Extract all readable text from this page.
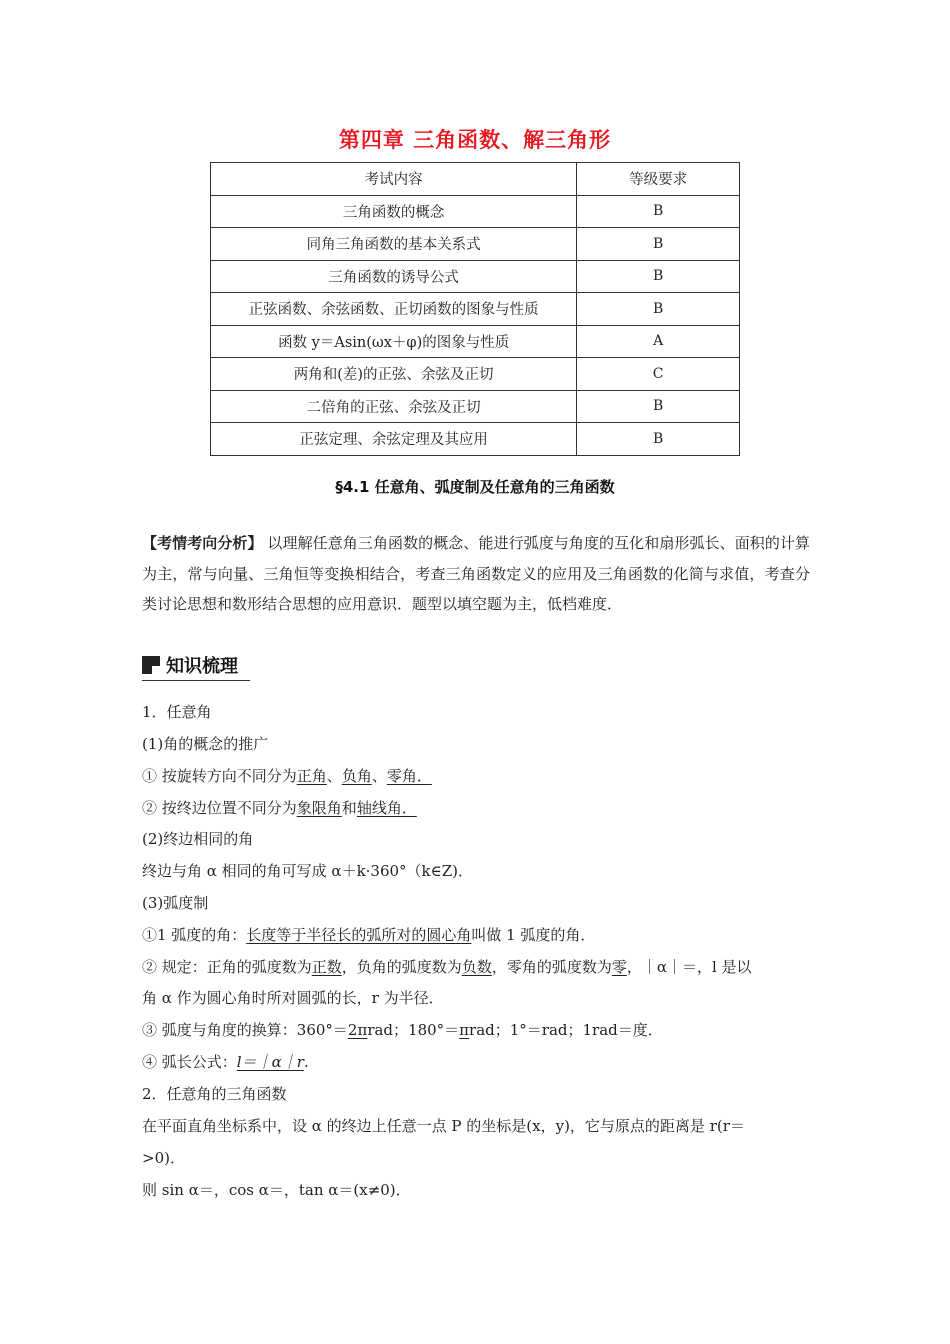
第四章 三角函数、解三角形
考试内容	等级要求
三角函数的概念	B
同角三角函数的基本关系式	B
三角函数的诱导公式	B
正弦函数、余弦函数、正切函数的图象与性质	B
函数 y＝Asin(ωx＋φ)的图象与性质	A
两角和(差)的正弦、余弦及正切	C
二倍角的正弦、余弦及正切	B
正弦定理、余弦定理及其应用	B
§4.1 任意角、弧度制及任意角的三角函数
【考情考向分析】 以理解任意角三角函数的概念、能进行弧度与角度的互化和扇形弧长、面积的计算为主，常与向量、三角恒等变换相结合，考查三角函数定义的应用及三角函数的化简与求值，考查分类讨论思想和数形结合思想的应用意识．题型以填空题为主，低档难度．
知识梳理
1．任意角
(1)角的概念的推广
① 按旋转方向不同分为正角、负角、零角．
② 按终边位置不同分为象限角和轴线角．
(2)终边相同的角
终边与角 α 相同的角可写成 α＋k·360°（k∈Z)．
(3)弧度制
①1 弧度的角：长度等于半径长的弧所对的圆心角叫做 1 弧度的角．
② 规定：正角的弧度数为正数，负角的弧度数为负数，零角的弧度数为零，｜α｜＝，l 是以
角 α 作为圆心角时所对圆弧的长，r 为半径．
③ 弧度与角度的换算：360°＝2πrad；180°＝πrad；1°＝rad；1rad＝度．
④ 弧长公式：l＝｜α｜r.
2．任意角的三角函数
在平面直角坐标系中，设 α 的终边上任意一点 P 的坐标是(x，y)，它与原点的距离是 r(r＝
>0)．
则 sin α＝，cos α＝，tan α＝(x≠0)．
